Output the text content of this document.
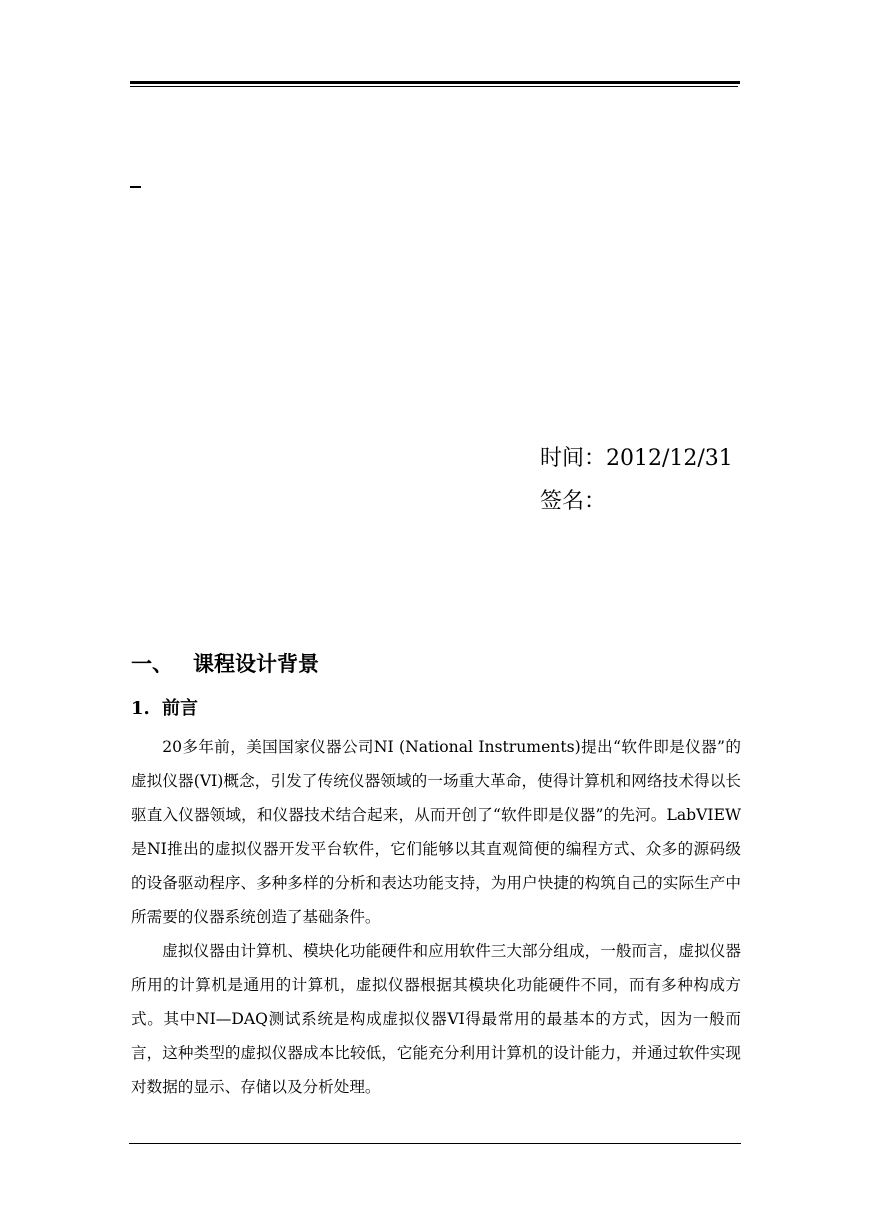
时间：2012/12/31
签名：
一、 课程设计背景
1. 前言

20多年前，美国国家仪器公司NI (National Instruments)提出“软件即是仪器”的虚拟仪器(VI)概念，引发了传统仪器领域的一场重大革命，使得计算机和网络技术得以长驱直入仪器领域，和仪器技术结合起来，从而开创了“软件即是仪器”的先河。LabVIEW是NI推出的虚拟仪器开发平台软件，它们能够以其直观简便的编程方式、众多的源码级的设备驱动程序、多种多样的分析和表达功能支持，为用户快捷的构筑自己的实际生产中所需要的仪器系统创造了基础条件。

虚拟仪器由计算机、模块化功能硬件和应用软件三大部分组成，一般而言，虚拟仪器所用的计算机是通用的计算机，虚拟仪器根据其模块化功能硬件不同，而有多种构成方式。其中NI—DAQ测试系统是构成虚拟仪器VI得最常用的最基本的方式，因为一般而言，这种类型的虚拟仪器成本比较低，它能充分利用计算机的设计能力，并通过软件实现对数据的显示、存储以及分析处理。
